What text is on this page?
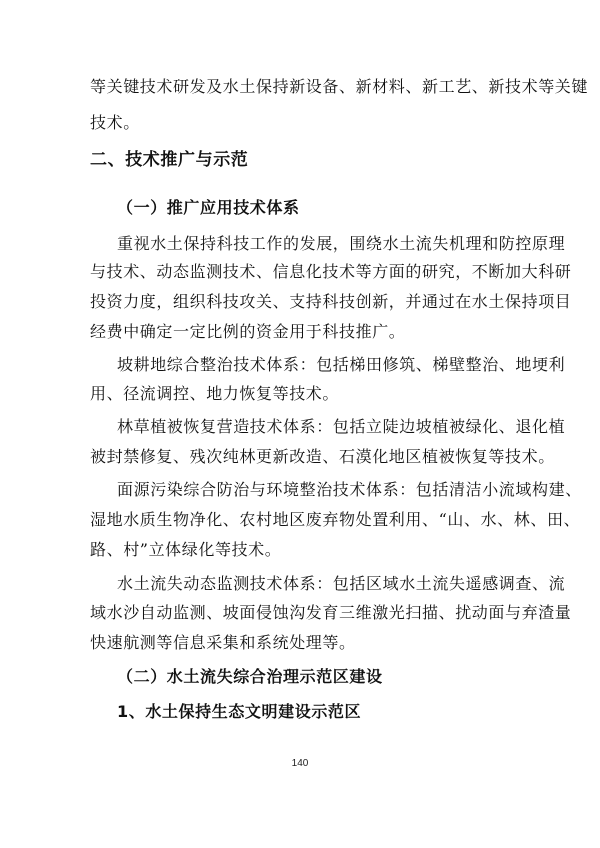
等关键技术研发及水土保持新设备、新材料、新工艺、新技术等关键
技术。
二、技术推广与示范
（一）推广应用技术体系
重视水土保持科技工作的发展，围绕水土流失机理和防控原理
与技术、动态监测技术、信息化技术等方面的研究，不断加大科研
投资力度，组织科技攻关、支持科技创新，并通过在水土保持项目
经费中确定一定比例的资金用于科技推广。
坡耕地综合整治技术体系：包括梯田修筑、梯壁整治、地埂利
用、径流调控、地力恢复等技术。
林草植被恢复营造技术体系：包括立陡边坡植被绿化、退化植
被封禁修复、残次纯林更新改造、石漠化地区植被恢复等技术。
面源污染综合防治与环境整治技术体系：包括清洁小流域构建、
湿地水质生物净化、农村地区废弃物处置利用、“山、水、林、田、
路、村”立体绿化等技术。
水土流失动态监测技术体系：包括区域水土流失遥感调查、流
域水沙自动监测、坡面侵蚀沟发育三维激光扫描、扰动面与弃渣量
快速航测等信息采集和系统处理等。
（二）水土流失综合治理示范区建设
1、水土保持生态文明建设示范区
140
